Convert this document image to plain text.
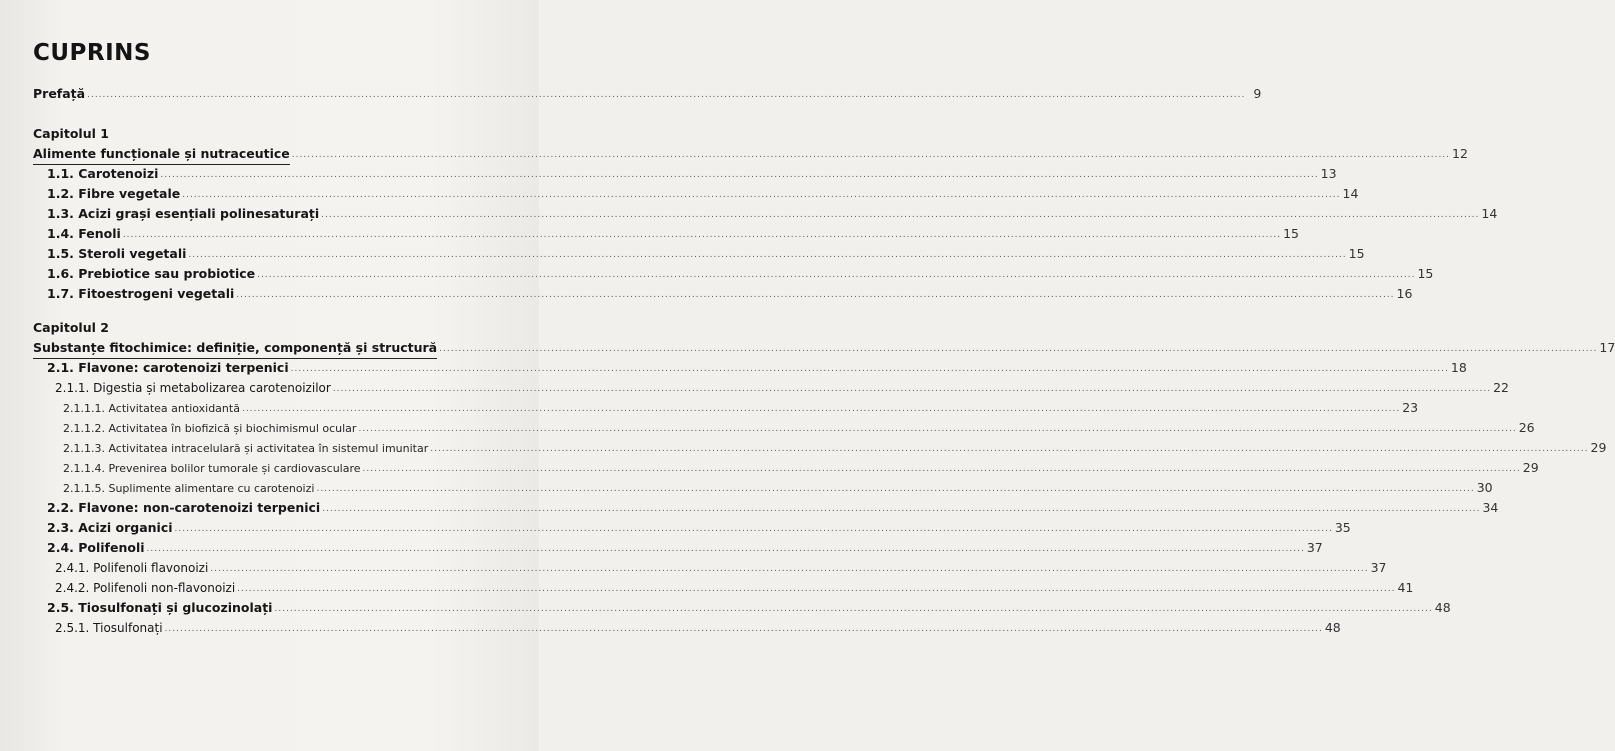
CUPRINS
Prefață .....	9
Capitolul 1
Alimente funcționale și nutraceutice .....	12
1.1. Carotenoizi .....	13
1.2. Fibre vegetale .....	14
1.3. Acizi grași esențiali polinesaturați .....	14
1.4. Fenoli .....	15
1.5. Steroli vegetali .....	15
1.6. Prebiotice sau probiotice .....	15
1.7. Fitoestrogeni vegetali .....	16
Capitolul 2
Substanțe fitochimice: definiție, componență și structură .....	17
2.1. Flavone: carotenoizi terpenici .....	18
2.1.1. Digestia și metabolizarea carotenoizilor .....	22
2.1.1.1. Activitatea antioxidantă .....	23
2.1.1.2. Activitatea în biofizică și biochimismul ocular .....	26
2.1.1.3. Activitatea intracelulară și activitatea în sistemul imunitar .....	29
2.1.1.4. Prevenirea bolilor tumorale și cardiovasculare .....	29
2.1.1.5. Suplimente alimentare cu carotenoizi .....	30
2.2. Flavone: non-carotenoizi terpenici .....	34
2.3. Acizi organici .....	35
2.4. Polifenoli .....	37
2.4.1. Polifenoli flavonoizi .....	37
2.4.2. Polifenoli non-flavonoizi .....	41
2.5. Tiosulfonați și glucozinolați .....	48
2.5.1. Tiosulfonați .....	48
